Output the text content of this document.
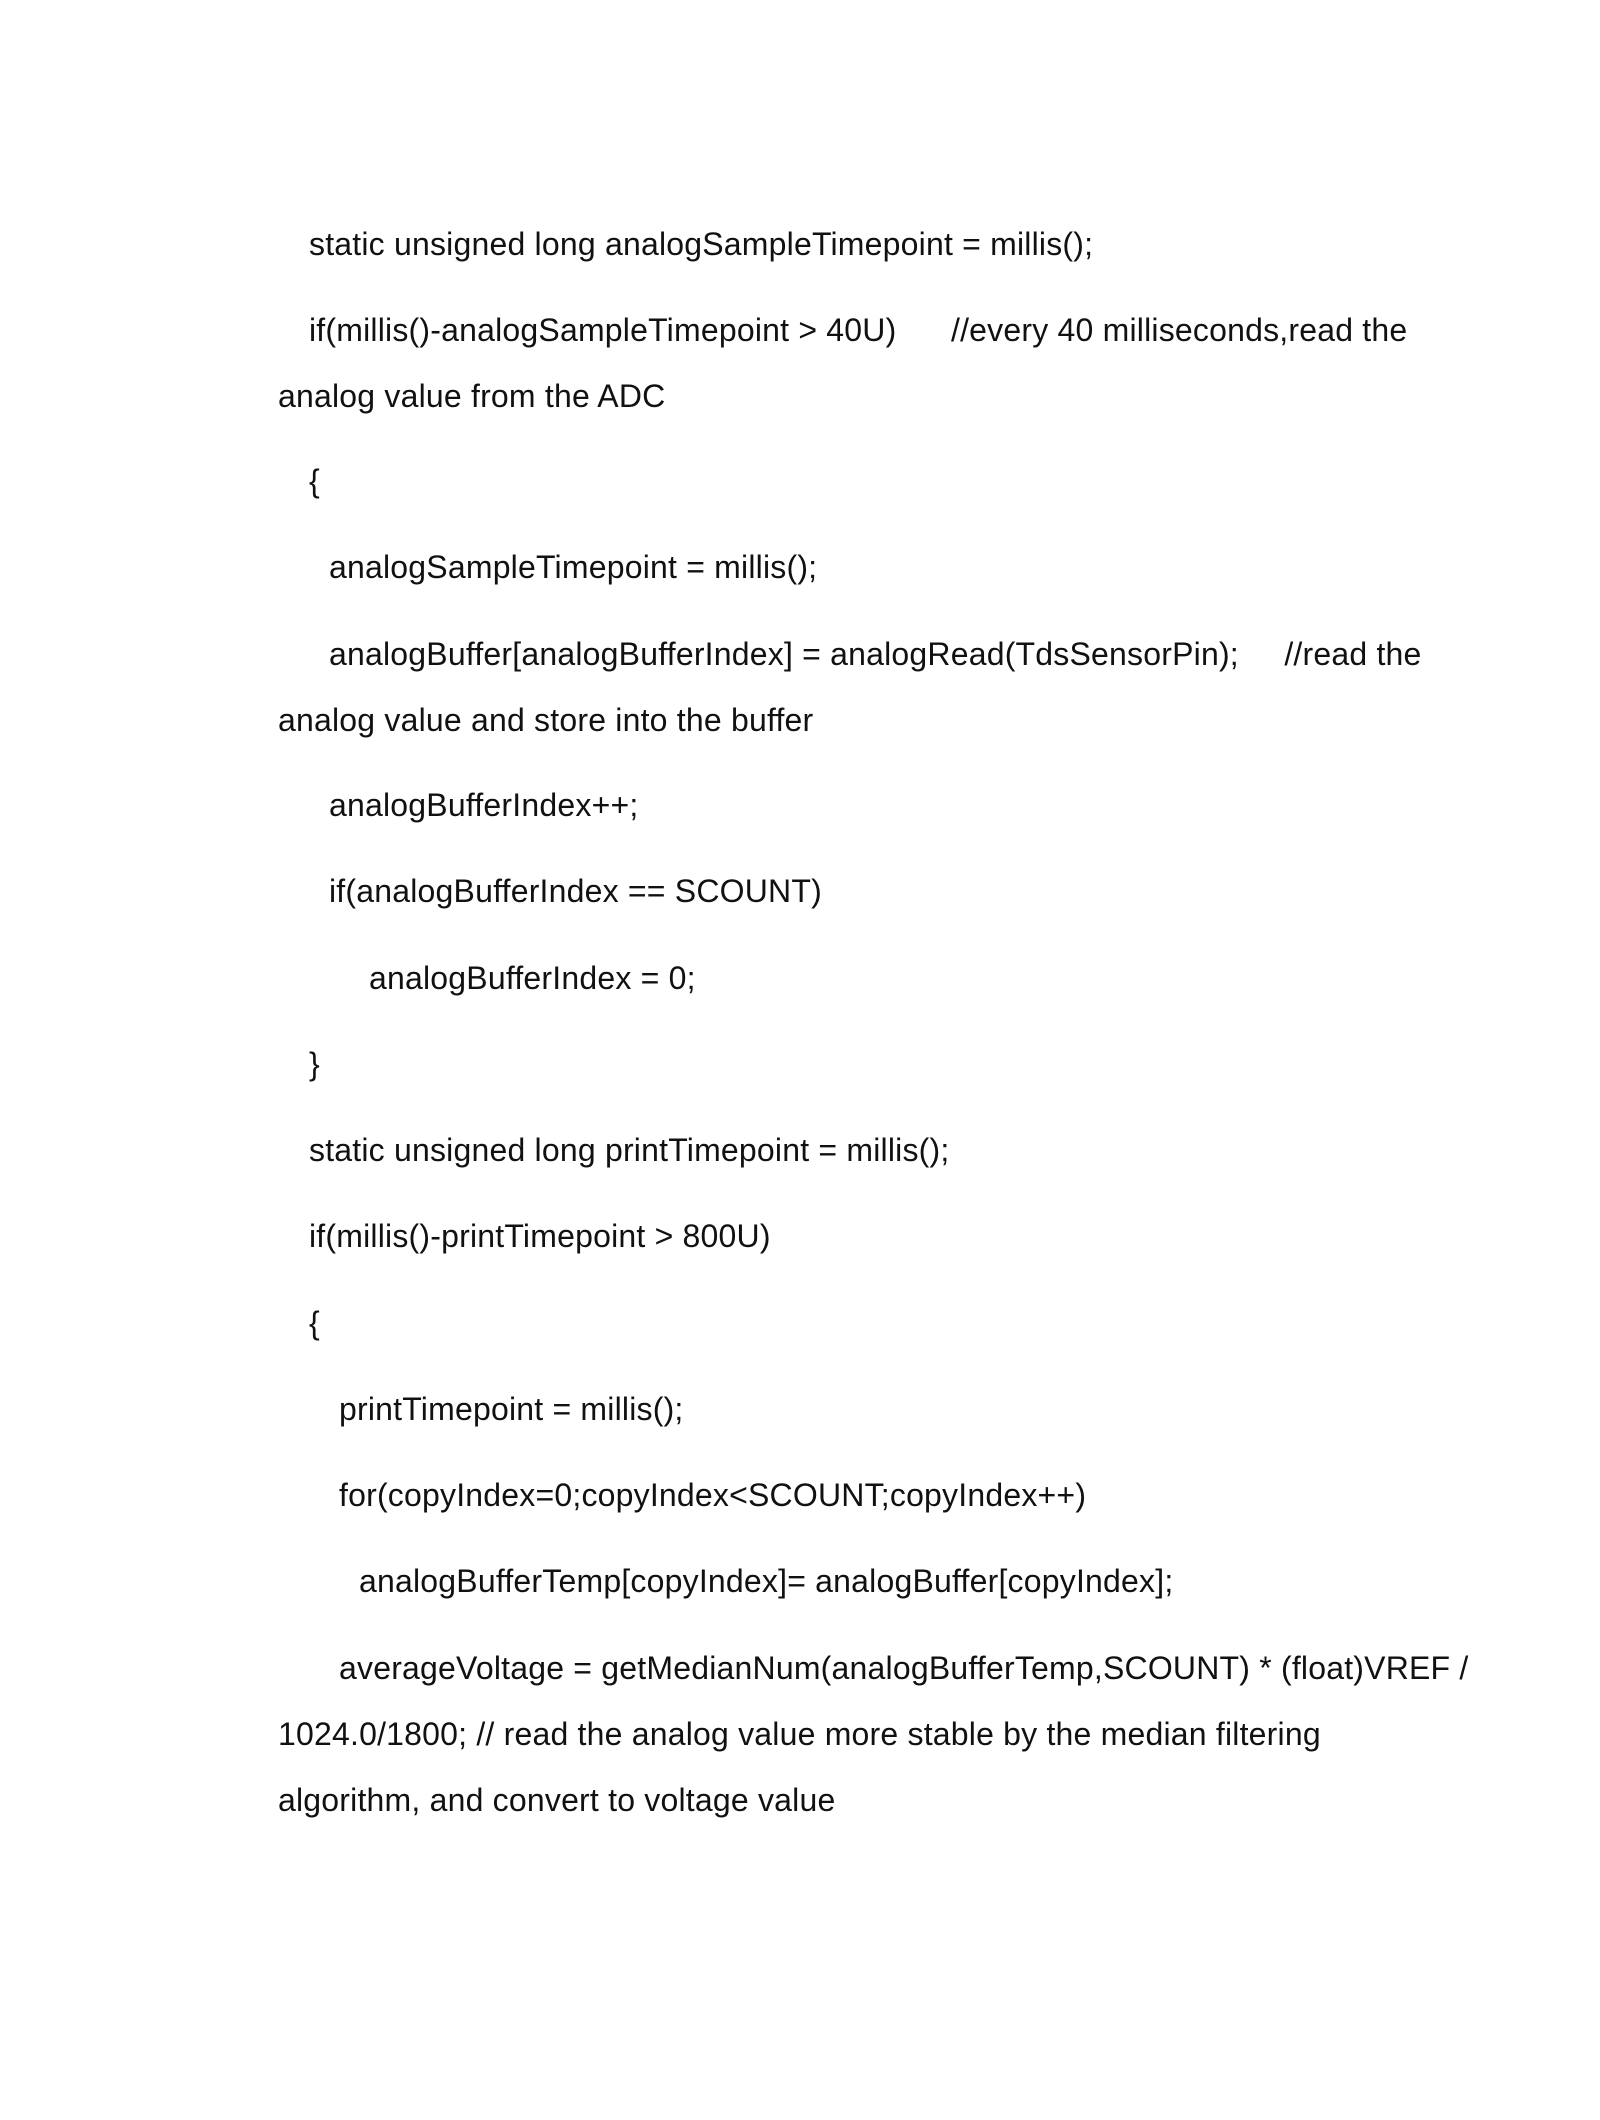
static unsigned long analogSampleTimepoint = millis();
if(millis()-analogSampleTimepoint > 40U)      //every 40 milliseconds,read the
analog value from the ADC
{
analogSampleTimepoint = millis();
analogBuffer[analogBufferIndex] = analogRead(TdsSensorPin);     //read the
analog value and store into the buffer
analogBufferIndex++;
if(analogBufferIndex == SCOUNT)
analogBufferIndex = 0;
}
static unsigned long printTimepoint = millis();
if(millis()-printTimepoint > 800U)
{
printTimepoint = millis();
for(copyIndex=0;copyIndex<SCOUNT;copyIndex++)
analogBufferTemp[copyIndex]= analogBuffer[copyIndex];
averageVoltage = getMedianNum(analogBufferTemp,SCOUNT) * (float)VREF /
1024.0/1800; // read the analog value more stable by the median filtering
algorithm, and convert to voltage value
